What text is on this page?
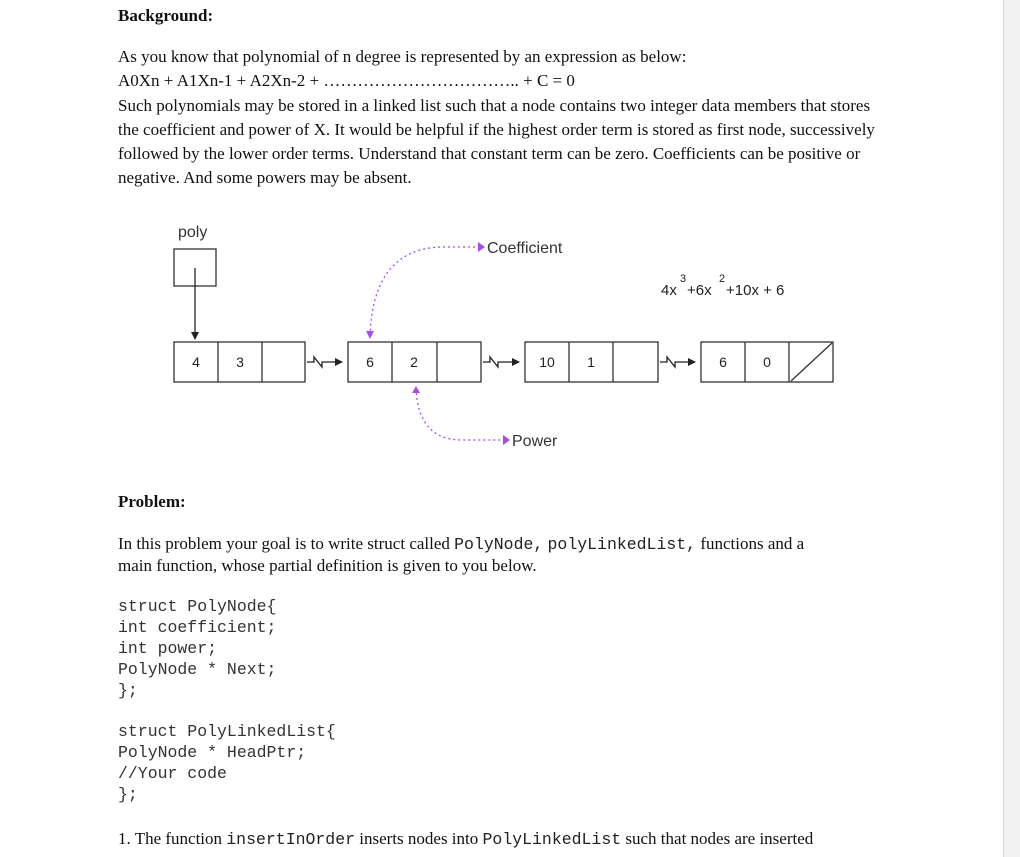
Background:
As you know that polynomial of n degree is represented by an expression as below:
A0Xn + A1Xn-1 + A2Xn-2 + …………………………….. + C = 0
Such polynomials may be stored in a linked list such that a node contains two integer data members that stores the coefficient and power of X. It would be helpful if the highest order term is stored as first node, successively followed by the lower order terms. Understand that constant term can be zero. Coefficients can be positive or negative. And some powers may be absent.
poly
4	3	6	2	10 1	6	0
Coefficient
Power
4x
3
+6x
2
+10x + 6
Problem:
In this problem your goal is to write struct called PolyNode, polyLinkedList, functions and a
main function, whose partial definition is given to you below.
struct PolyNode{
int coefficient;
int power;
PolyNode * Next;
};
struct PolyLinkedList{
PolyNode * HeadPtr;
//Your code
};
1. The function insertInOrder inserts nodes into PolyLinkedList such that nodes are inserted
